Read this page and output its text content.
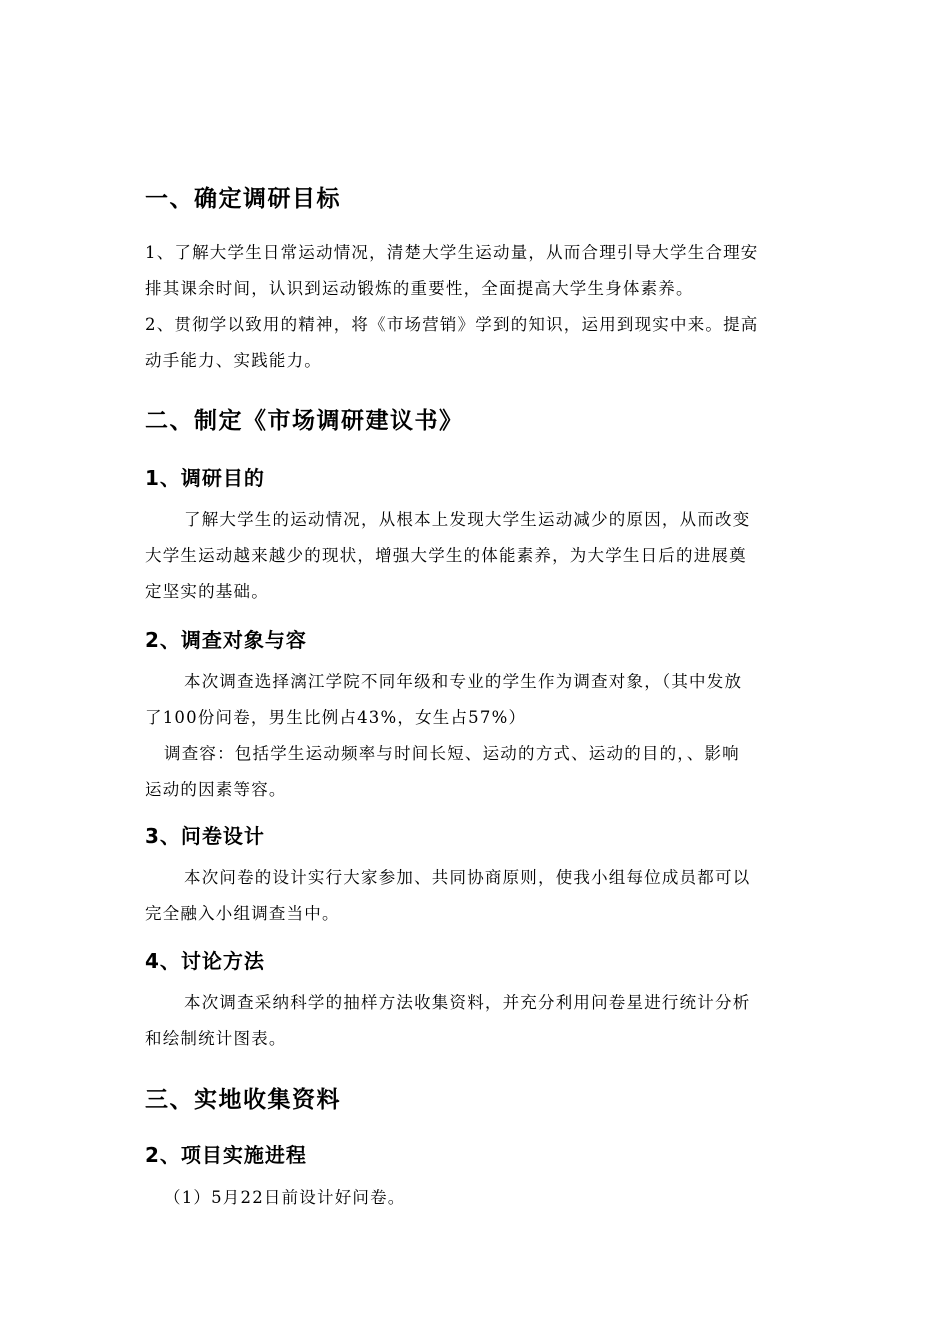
一、确定调研目标

1、了解大学生日常运动情况，清楚大学生运动量，从而合理引导大学生合理安

排其课余时间，认识到运动锻炼的重要性，全面提高大学生身体素养。

2、贯彻学以致用的精神，将《市场营销》学到的知识，运用到现实中来。提高

动手能力、实践能力。

二、制定《市场调研建议书》
1、调研目的

了解大学生的运动情况，从根本上发现大学生运动减少的原因，从而改变

大学生运动越来越少的现状，增强大学生的体能素养，为大学生日后的进展奠

定坚实的基础。

2、调查对象与容

本次调查选择漓江学院不同年级和专业的学生作为调查对象，（其中发放

了100份问卷，男生比例占43%，女生占57%）

调查容：包括学生运动频率与时间长短、运动的方式、运动的目的，、影响

运动的因素等容。

3、问卷设计

本次问卷的设计实行大家参加、共同协商原则，使我小组每位成员都可以

完全融入小组调查当中。

4、讨论方法

本次调查采纳科学的抽样方法收集资料，并充分利用问卷星进行统计分析

和绘制统计图表。

三、实地收集资料
2、项目实施进程

（1）5月22日前设计好问卷。
